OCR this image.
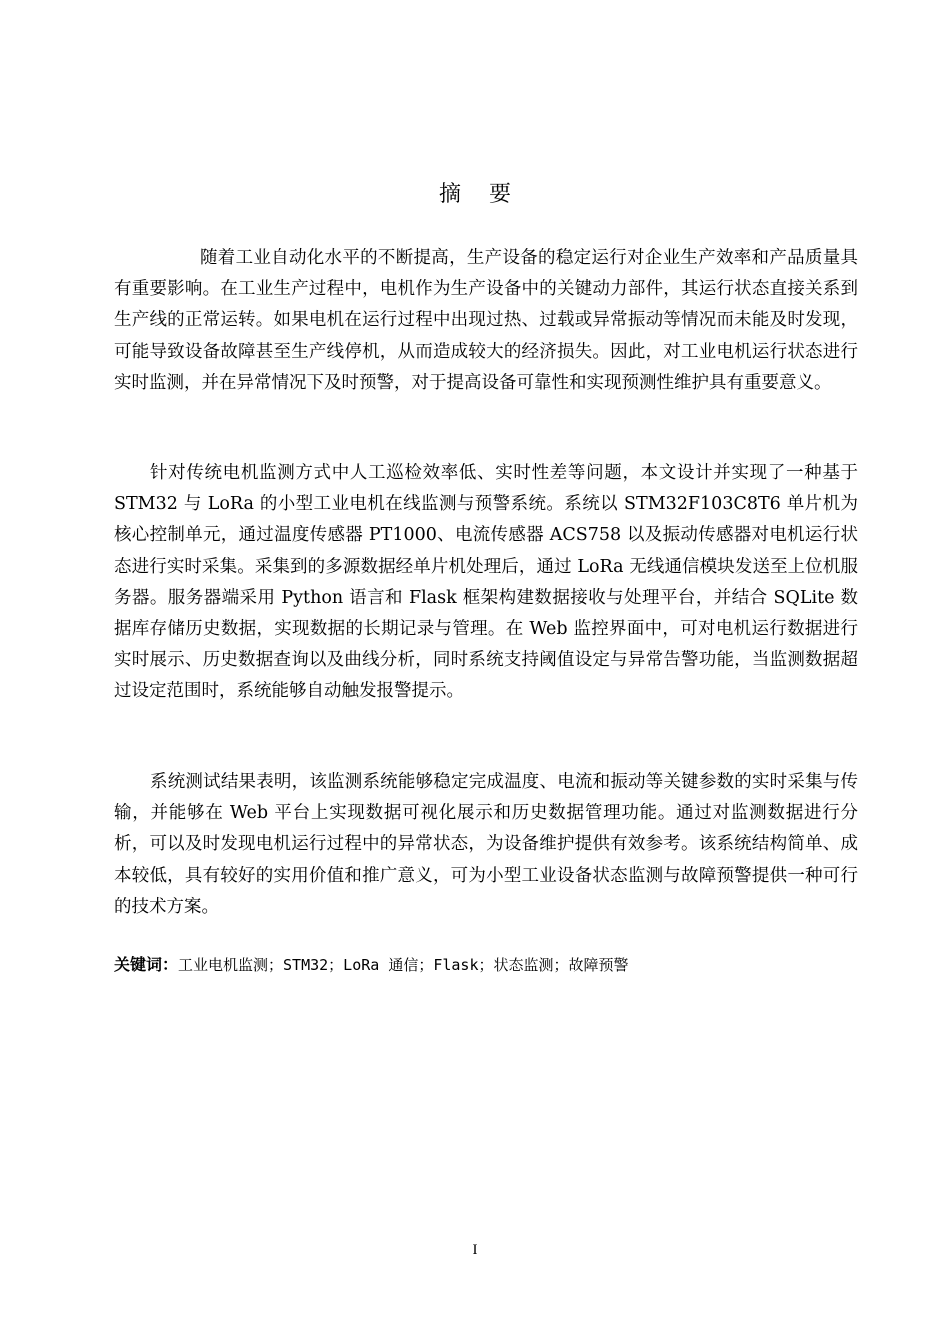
摘要

随着工业自动化水平的不断提高，生产设备的稳定运行对企业生产效率和产品质量具有重要影响。在工业生产过程中，电机作为生产设备中的关键动力部件，其运行状态直接关系到生产线的正常运转。如果电机在运行过程中出现过热、过载或异常振动等情况而未能及时发现，可能导致设备故障甚至生产线停机，从而造成较大的经济损失。因此，对工业电机运行状态进行实时监测，并在异常情况下及时预警，对于提高设备可靠性和实现预测性维护具有重要意义。

针对传统电机监测方式中人工巡检效率低、实时性差等问题，本文设计并实现了一种基于 STM32 与 LoRa 的小型工业电机在线监测与预警系统。系统以 STM32F103C8T6 单片机为核心控制单元，通过温度传感器 PT1000、电流传感器 ACS758 以及振动传感器对电机运行状态进行实时采集。采集到的多源数据经单片机处理后，通过 LoRa 无线通信模块发送至上位机服务器。服务器端采用 Python 语言和 Flask 框架构建数据接收与处理平台，并结合 SQLite 数据库存储历史数据，实现数据的长期记录与管理。在 Web 监控界面中，可对电机运行数据进行实时展示、历史数据查询以及曲线分析，同时系统支持阈值设定与异常告警功能，当监测数据超过设定范围时，系统能够自动触发报警提示。

系统测试结果表明，该监测系统能够稳定完成温度、电流和振动等关键参数的实时采集与传输，并能够在 Web 平台上实现数据可视化展示和历史数据管理功能。通过对监测数据进行分析，可以及时发现电机运行过程中的异常状态，为设备维护提供有效参考。该系统结构简单、成本较低，具有较好的实用价值和推广意义，可为小型工业设备状态监测与故障预警提供一种可行的技术方案。

关键词：工业电机监测；STM32；LoRa 通信；Flask；状态监测；故障预警
I
